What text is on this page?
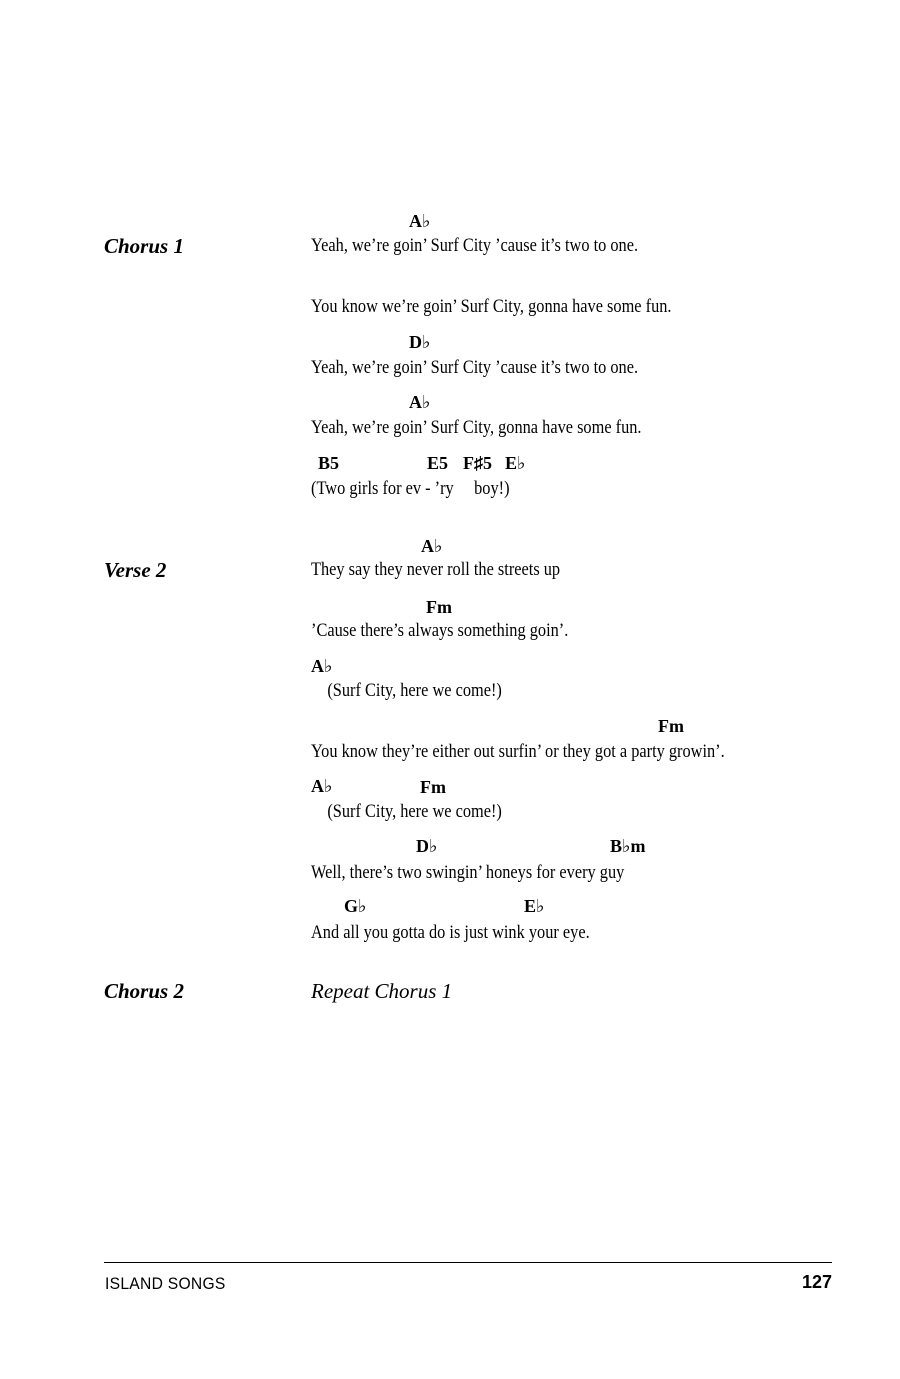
Chorus 1
A♭
Yeah, we’re goin’ Surf City ’cause it’s two to one.
You know we’re goin’ Surf City, gonna have some fun.
D♭
Yeah, we’re goin’ Surf City ’cause it’s two to one.
A♭
Yeah, we’re goin’ Surf City, gonna have some fun.
B5	E5 F♯5 E♭
(Two girls for ev - ’ry     boy!)
Verse 2
A♭
They say they never roll the streets up
Fm
’Cause there’s always something goin’.
A♭
(Surf City, here we come!)
Fm
You know they’re either out surfin’ or they got a party growin’.
A♭	Fm
(Surf City, here we come!)
D♭	B♭m
Well, there’s two swingin’ honeys for every guy
G♭	E♭
And all you gotta do is just wink your eye.
Chorus 2	Repeat Chorus 1
ISLAND SONGS	127
